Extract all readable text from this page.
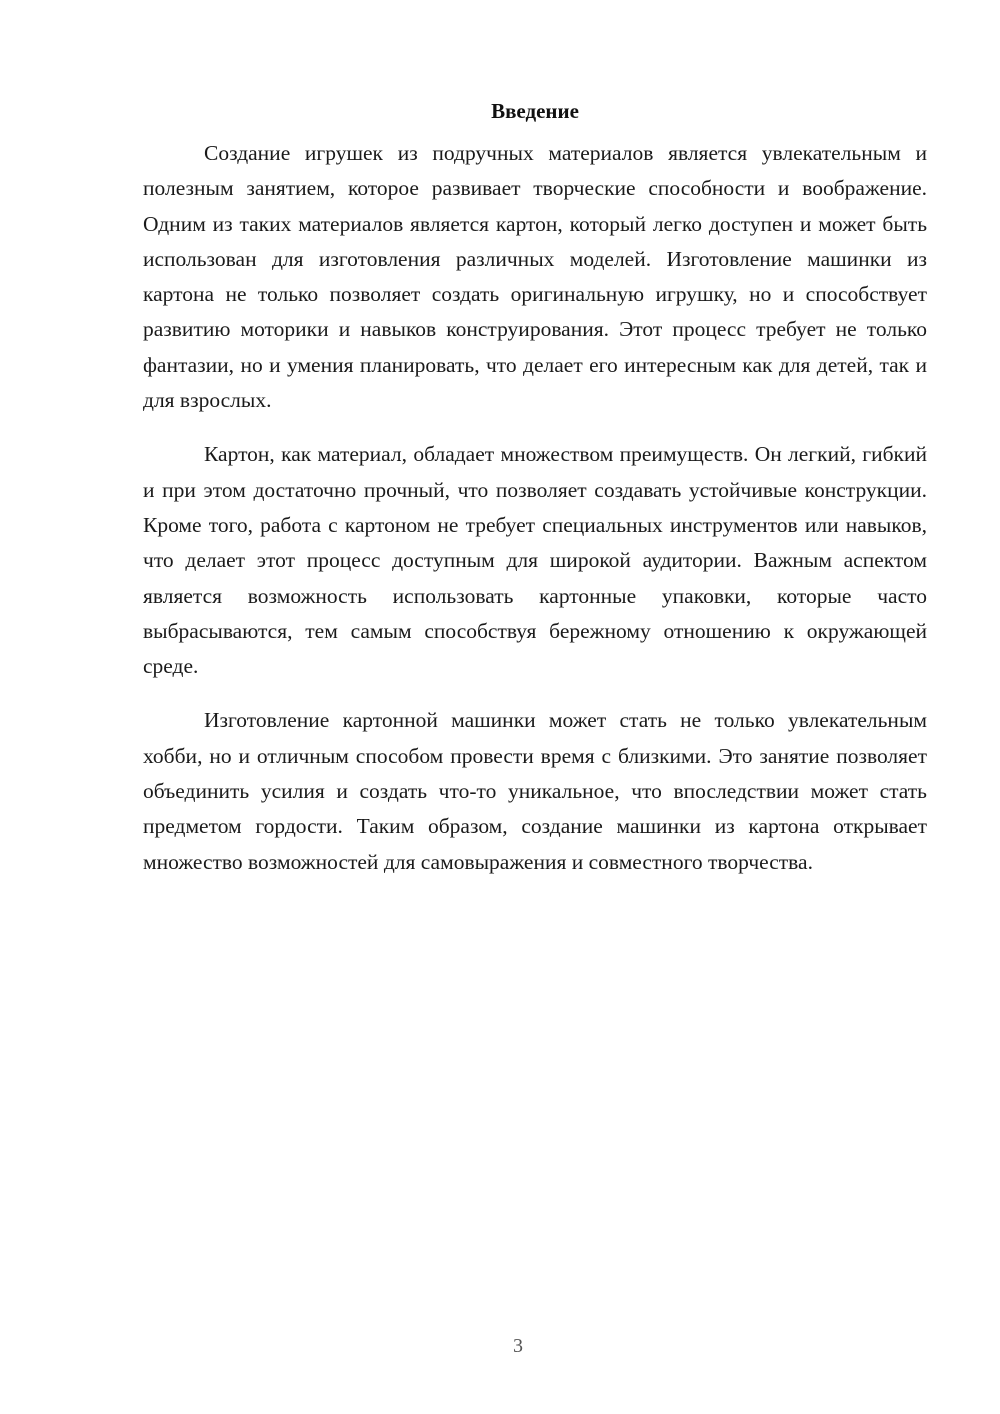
Введение

Создание игрушек из подручных материалов является увлекательным и полезным занятием, которое развивает творческие способности и воображение. Одним из таких материалов является картон, который легко доступен и может быть использован для изготовления различных моделей. Изготовление машинки из картона не только позволяет создать оригинальную игрушку, но и способствует развитию моторики и навыков конструирования. Этот процесс требует не только фантазии, но и умения планировать, что делает его интересным как для детей, так и для взрослых.

Картон, как материал, обладает множеством преимуществ. Он легкий, гибкий и при этом достаточно прочный, что позволяет создавать устойчивые конструкции. Кроме того, работа с картоном не требует специальных инструментов или навыков, что делает этот процесс доступным для широкой аудитории. Важным аспектом является возможность использовать картонные упаковки, которые часто выбрасываются, тем самым способствуя бережному отношению к окружающей среде.

Изготовление картонной машинки может стать не только увлекательным хобби, но и отличным способом провести время с близкими. Это занятие позволяет объединить усилия и создать что-то уникальное, что впоследствии может стать предметом гордости. Таким образом, создание машинки из картона открывает множество возможностей для самовыражения и совместного творчества.

3
